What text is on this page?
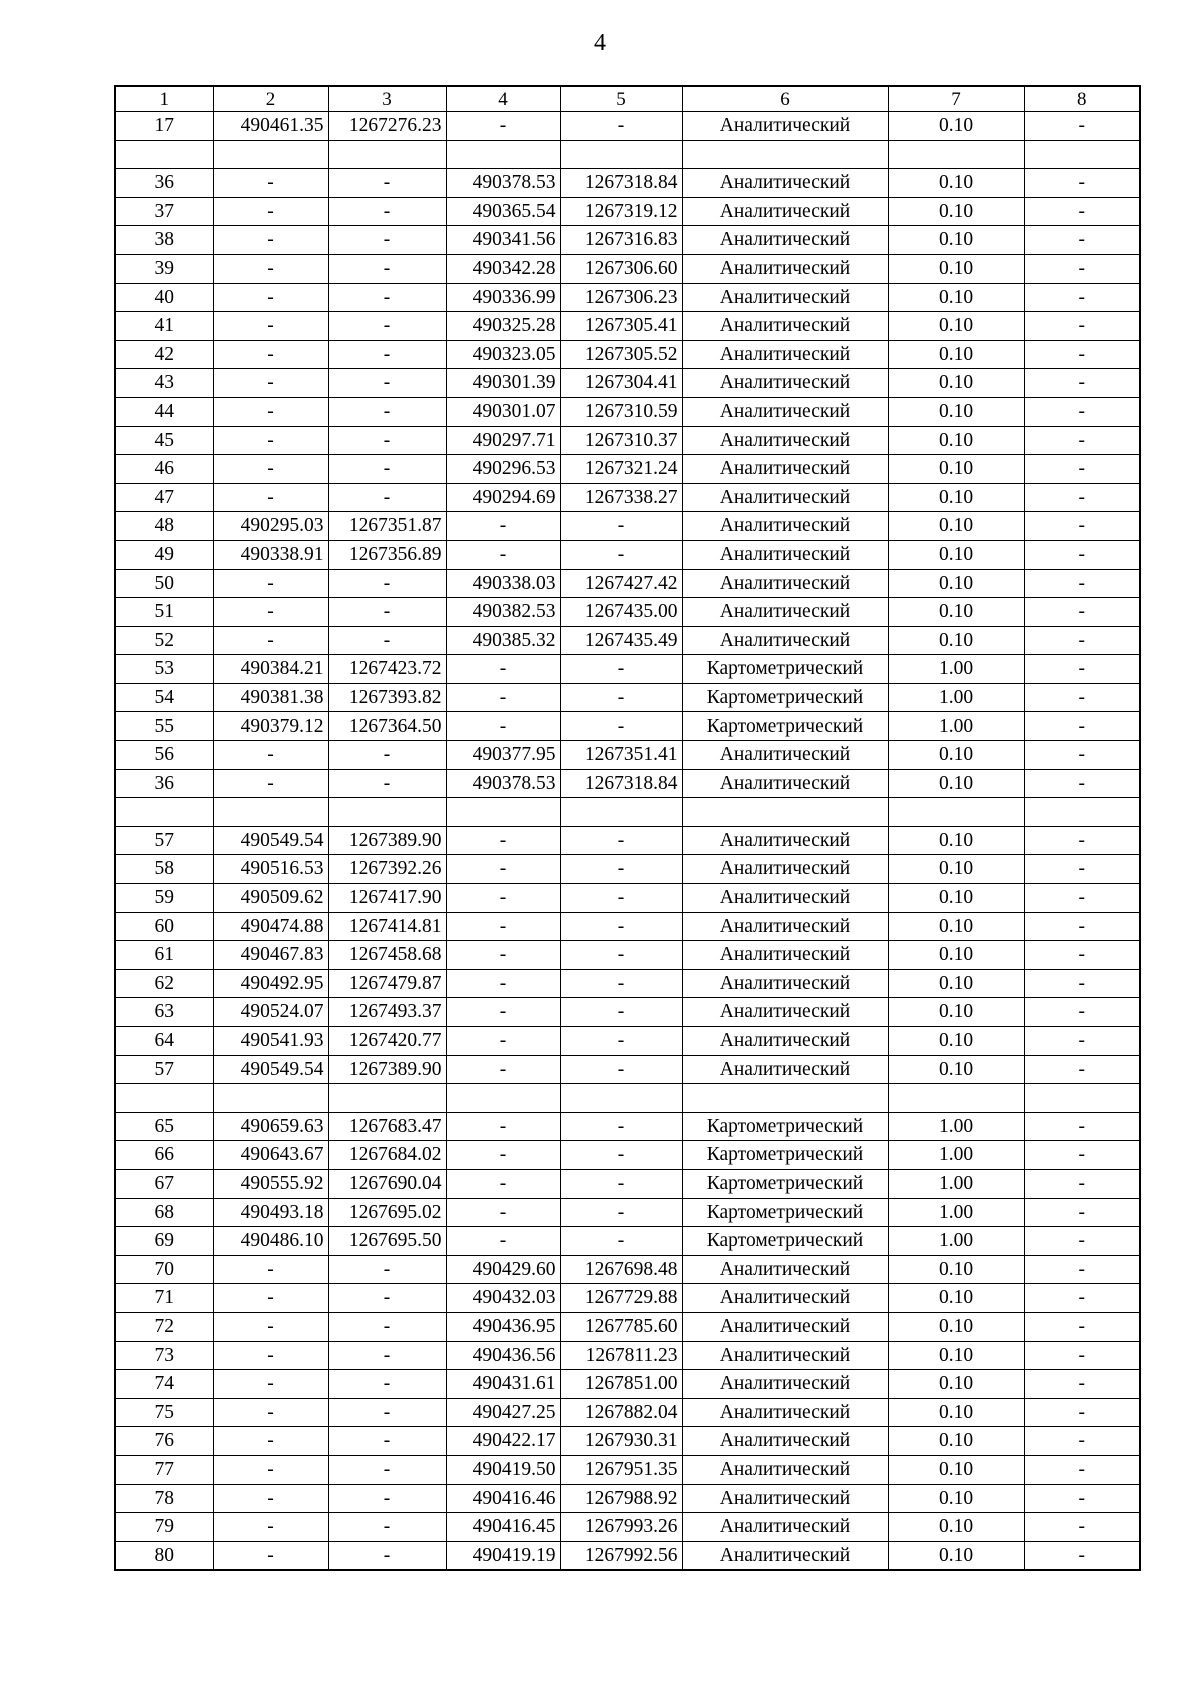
4
1	2	3	4	5	6	7	8
17	490461.35	1267276.23	-	-	Аналитический	0.10	-

36	-	-	490378.53	1267318.84	Аналитический	0.10	-
37	-	-	490365.54	1267319.12	Аналитический	0.10	-
38	-	-	490341.56	1267316.83	Аналитический	0.10	-
39	-	-	490342.28	1267306.60	Аналитический	0.10	-
40	-	-	490336.99	1267306.23	Аналитический	0.10	-
41	-	-	490325.28	1267305.41	Аналитический	0.10	-
42	-	-	490323.05	1267305.52	Аналитический	0.10	-
43	-	-	490301.39	1267304.41	Аналитический	0.10	-
44	-	-	490301.07	1267310.59	Аналитический	0.10	-
45	-	-	490297.71	1267310.37	Аналитический	0.10	-
46	-	-	490296.53	1267321.24	Аналитический	0.10	-
47	-	-	490294.69	1267338.27	Аналитический	0.10	-
48	490295.03	1267351.87	-	-	Аналитический	0.10	-
49	490338.91	1267356.89	-	-	Аналитический	0.10	-
50	-	-	490338.03	1267427.42	Аналитический	0.10	-
51	-	-	490382.53	1267435.00	Аналитический	0.10	-
52	-	-	490385.32	1267435.49	Аналитический	0.10	-
53	490384.21	1267423.72	-	-	Картометрический	1.00	-
54	490381.38	1267393.82	-	-	Картометрический	1.00	-
55	490379.12	1267364.50	-	-	Картометрический	1.00	-
56	-	-	490377.95	1267351.41	Аналитический	0.10	-
36	-	-	490378.53	1267318.84	Аналитический	0.10	-

57	490549.54	1267389.90	-	-	Аналитический	0.10	-
58	490516.53	1267392.26	-	-	Аналитический	0.10	-
59	490509.62	1267417.90	-	-	Аналитический	0.10	-
60	490474.88	1267414.81	-	-	Аналитический	0.10	-
61	490467.83	1267458.68	-	-	Аналитический	0.10	-
62	490492.95	1267479.87	-	-	Аналитический	0.10	-
63	490524.07	1267493.37	-	-	Аналитический	0.10	-
64	490541.93	1267420.77	-	-	Аналитический	0.10	-
57	490549.54	1267389.90	-	-	Аналитический	0.10	-

65	490659.63	1267683.47	-	-	Картометрический	1.00	-
66	490643.67	1267684.02	-	-	Картометрический	1.00	-
67	490555.92	1267690.04	-	-	Картометрический	1.00	-
68	490493.18	1267695.02	-	-	Картометрический	1.00	-
69	490486.10	1267695.50	-	-	Картометрический	1.00	-
70	-	-	490429.60	1267698.48	Аналитический	0.10	-
71	-	-	490432.03	1267729.88	Аналитический	0.10	-
72	-	-	490436.95	1267785.60	Аналитический	0.10	-
73	-	-	490436.56	1267811.23	Аналитический	0.10	-
74	-	-	490431.61	1267851.00	Аналитический	0.10	-
75	-	-	490427.25	1267882.04	Аналитический	0.10	-
76	-	-	490422.17	1267930.31	Аналитический	0.10	-
77	-	-	490419.50	1267951.35	Аналитический	0.10	-
78	-	-	490416.46	1267988.92	Аналитический	0.10	-
79	-	-	490416.45	1267993.26	Аналитический	0.10	-
80	-	-	490419.19	1267992.56	Аналитический	0.10	-
